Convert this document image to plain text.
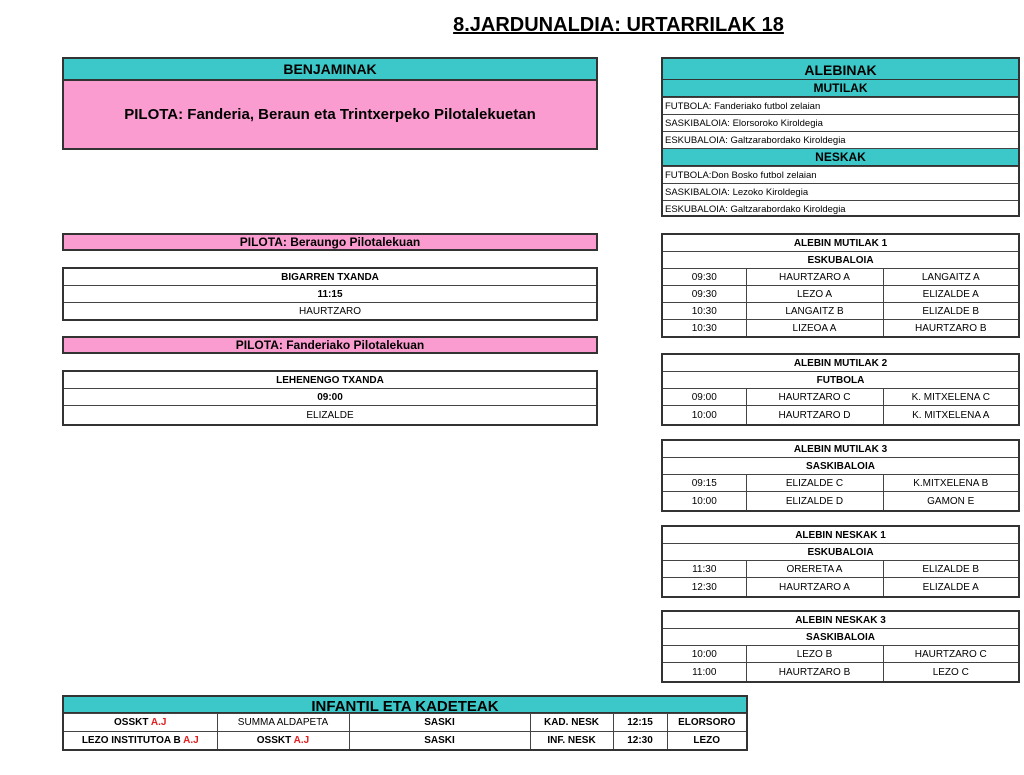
8.JARDUNALDIA: URTARRILAK 18
BENJAMINAK
PILOTA: Fanderia, Beraun eta Trintxerpeko Pilotalekuetan
PILOTA: Beraungo Pilotalekuan
BIGARREN TXANDA
11:15
HAURTZARO
PILOTA: Fanderiako Pilotalekuan
LEHENENGO TXANDA
09:00
ELIZALDE
ALEBINAK
MUTILAK
FUTBOLA: Fanderiako futbol zelaian
SASKIBALOIA: Elorsoroko Kiroldegia
ESKUBALOIA: Galtzarabordako Kiroldegia
NESKAK
FUTBOLA:Don Bosko futbol zelaian
SASKIBALOIA: Lezoko Kiroldegia
ESKUBALOIA: Galtzarabordako Kiroldegia
ALEBIN MUTILAK 1		
ESKUBALOIA		
09:30	HAURTZARO A	LANGAITZ A
09:30	LEZO A	ELIZALDE A
10:30	LANGAITZ B	ELIZALDE B
10:30	LIZEOA A	HAURTZARO B
ALEBIN MUTILAK 2		
FUTBOLA		
09:00	HAURTZARO C	K. MITXELENA C
10:00	HAURTZARO D	K. MITXELENA A
ALEBIN MUTILAK 3		
SASKIBALOIA		
09:15	ELIZALDE C	K.MITXELENA B
10:00	ELIZALDE D	GAMON E
ALEBIN NESKAK 1		
ESKUBALOIA		
11:30	ORERETA A	ELIZALDE B
12:30	HAURTZARO A	ELIZALDE A
ALEBIN NESKAK 3		
SASKIBALOIA		
10:00	LEZO B	HAURTZARO C
11:00	HAURTZARO B	LEZO C
INFANTIL ETA KADETEAK
OSSKT A.J	SUMMA ALDAPETA	SASKI	KAD. NESK	12:15	ELORSORO
LEZO INSTITUTOA B A.J	OSSKT A.J	SASKI	INF. NESK	12:30	LEZO
